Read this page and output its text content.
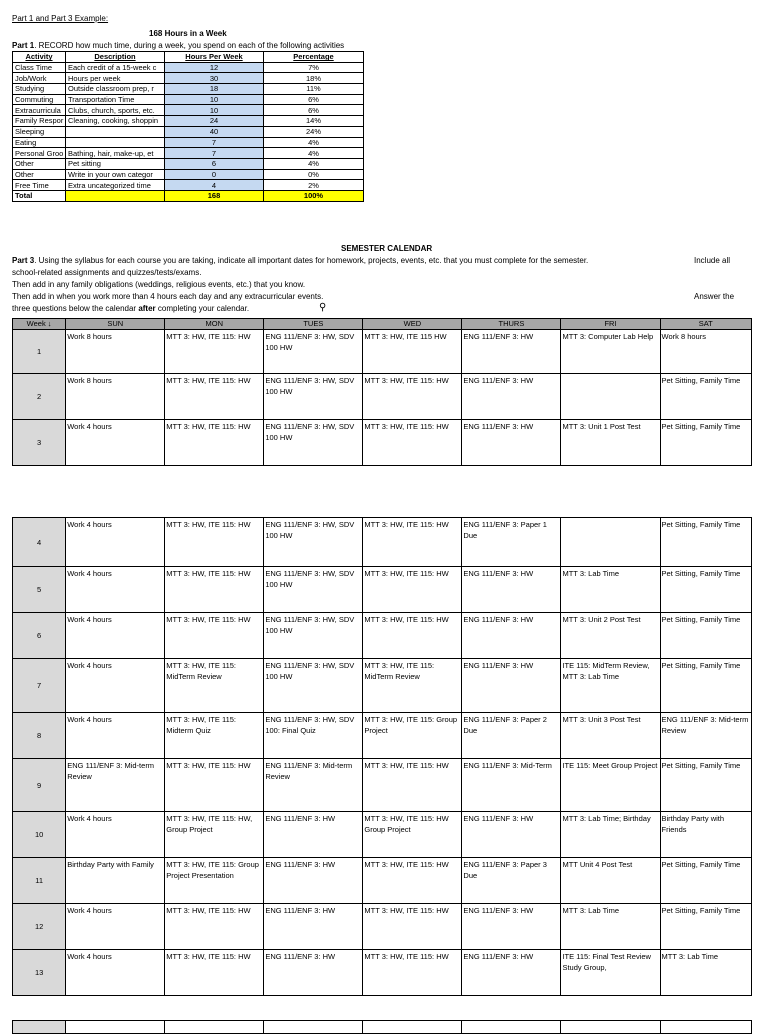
Part 1 and Part 3 Example:
168 Hours in a Week
Part 1. RECORD how much time, during a week, you spend on each of the following activities
Activity	Description	Hours Per Week	Percentage
Class Time	Each credit of a 15-week c	12	7%
Job/Work	Hours per week	30	18%
Studying	Outside classroom prep, r	18	11%
Commuting	Transportation Time	10	6%
Extracurricula	Clubs, church, sports, etc.	10	6%
Family Respor	Cleaning, cooking, shoppin	24	14%
Sleeping		40	24%
Eating		7	4%
Personal Groo	Bathing, hair, make-up, et	7	4%
Other	Pet sitting	6	4%
Other	Write in your own categor	0	0%
Free Time	Extra uncategorized time	4	2%
Total		168	100%
SEMESTER CALENDAR
Part 3. Using the syllabus for each course you are taking, indicate all important dates for homework, projects, events, etc. that you must complete for the semester.	Include all
school-related assignments and quizzes/tests/exams.
Then add in any family obligations (weddings, religious events, etc.) that you know.
Then add in when you work more than 4 hours each day and any extracurricular events.	Answer the
three questions below the calendar after completing your calendar.	⚲
Week ↓	SUN	MON	TUES	WED	THURS	FRI	SAT
1	Work 8 hours	MTT 3: HW, ITE 115: HW	ENG 111/ENF 3: HW, SDV 100 HW	MTT 3: HW, ITE 115 HW	ENG 111/ENF 3: HW	MTT 3: Computer Lab Help	Work 8 hours
2	Work 8 hours	MTT 3: HW, ITE 115: HW	ENG 111/ENF 3: HW, SDV 100 HW	MTT 3: HW, ITE 115: HW	ENG 111/ENF 3: HW		Pet Sitting, Family Time
3	Work 4 hours	MTT 3: HW, ITE 115: HW	ENG 111/ENF 3: HW, SDV 100 HW	MTT 3: HW, ITE 115: HW	ENG 111/ENF 3: HW	MTT 3: Unit 1 Post Test	Pet Sitting, Family Time
4	Work 4 hours	MTT 3: HW, ITE 115: HW	ENG 111/ENF 3: HW, SDV 100 HW	MTT 3: HW, ITE 115: HW	ENG 111/ENF 3: Paper 1 Due		Pet Sitting, Family Time
5	Work 4 hours	MTT 3: HW, ITE 115: HW	ENG 111/ENF 3: HW, SDV 100 HW	MTT 3: HW, ITE 115: HW	ENG 111/ENF 3: HW	MTT 3: Lab Time	Pet Sitting, Family Time
6	Work 4 hours	MTT 3: HW, ITE 115: HW	ENG 111/ENF 3: HW, SDV 100 HW	MTT 3: HW, ITE 115: HW	ENG 111/ENF 3: HW	MTT 3: Unit 2 Post Test	Pet Sitting, Family Time
7	Work 4 hours	MTT 3: HW, ITE 115: MidTerm Review	ENG 111/ENF 3: HW, SDV 100 HW	MTT 3: HW, ITE 115: MidTerm Review	ENG 111/ENF 3: HW	ITE 115: MidTerm Review, MTT 3: Lab Time	Pet Sitting, Family Time
8	Work 4 hours	MTT 3: HW, ITE 115: Midterm Quiz	ENG 111/ENF 3: HW, SDV 100: Final Quiz	MTT 3: HW, ITE 115: Group Project	ENG 111/ENF 3: Paper 2 Due	MTT 3: Unit 3 Post Test	ENG 111/ENF 3: Mid-term Review
9	ENG 111/ENF 3: Mid-term Review	MTT 3: HW, ITE 115: HW	ENG 111/ENF 3: Mid-term Review	MTT 3: HW, ITE 115: HW	ENG 111/ENF 3: Mid-Term	ITE 115: Meet Group Project	Pet Sitting, Family Time
10	Work 4 hours	MTT 3: HW, ITE 115: HW, Group Project	ENG 111/ENF 3: HW	MTT 3: HW, ITE 115: HW Group Project	ENG 111/ENF 3: HW	MTT 3: Lab Time; Birthday	Birthday Party with Friends
11	Birthday Party with Family	MTT 3: HW, ITE 115: Group Project Presentation	ENG 111/ENF 3: HW	MTT 3: HW, ITE 115: HW	ENG 111/ENF 3: Paper 3 Due	MTT Unit 4 Post Test	Pet Sitting, Family Time
12	Work 4 hours	MTT 3: HW, ITE 115: HW	ENG 111/ENF 3: HW	MTT 3: HW, ITE 115: HW	ENG 111/ENF 3: HW	MTT 3: Lab Time	Pet Sitting, Family Time
13	Work 4 hours	MTT 3: HW, ITE 115: HW	ENG 111/ENF 3: HW	MTT 3: HW, ITE 115: HW	ENG 111/ENF 3: HW	ITE 115: Final Test Review Study Group,	MTT 3: Lab Time
